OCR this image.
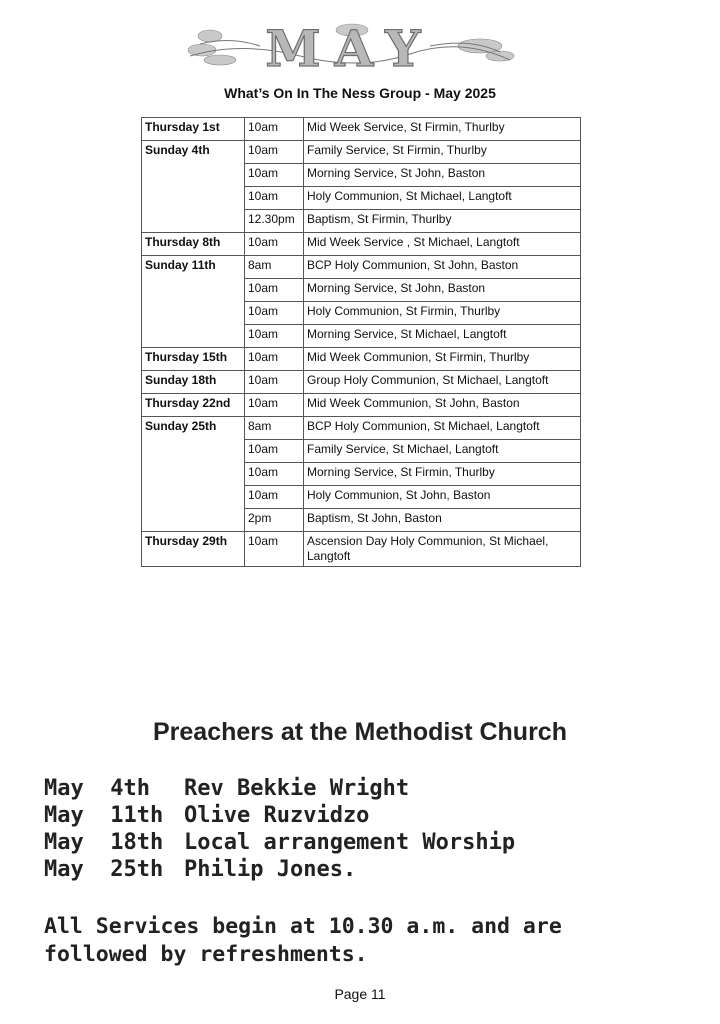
MAY
What’s On In The Ness Group - May 2025
Thursday 1st	10am	Mid Week Service, St Firmin, Thurlby
Sunday 4th	10am	Family Service, St Firmin, Thurlby
	10am	Morning Service, St John, Baston
	10am	Holy Communion, St Michael, Langtoft
	12.30pm	Baptism, St Firmin, Thurlby
Thursday 8th	10am	Mid Week Service , St Michael, Langtoft
Sunday 11th	8am	BCP Holy Communion, St John, Baston
	10am	Morning Service, St John, Baston
	10am	Holy Communion, St Firmin, Thurlby
	10am	Morning Service, St Michael, Langtoft
Thursday 15th	10am	Mid Week Communion, St Firmin, Thurlby
Sunday 18th	10am	Group Holy Communion, St Michael, Langtoft
Thursday 22nd	10am	Mid Week Communion, St John, Baston
Sunday 25th	8am	BCP Holy Communion, St Michael, Langtoft
	10am	Family Service, St Michael, Langtoft
	10am	Morning Service, St Firmin, Thurlby
	10am	Holy Communion, St John, Baston
	2pm	Baptism, St John, Baston
Thursday 29th	10am	Ascension Day Holy Communion, St Michael, Langtoft
Preachers at the Methodist Church
May  4th	Rev Bekkie Wright
May  11th Olive Ruzvidzo
May  18th Local arrangement Worship
May  25th Philip Jones.
All Services begin at 10.30 a.m. and are followed by refreshments.
Page 11
